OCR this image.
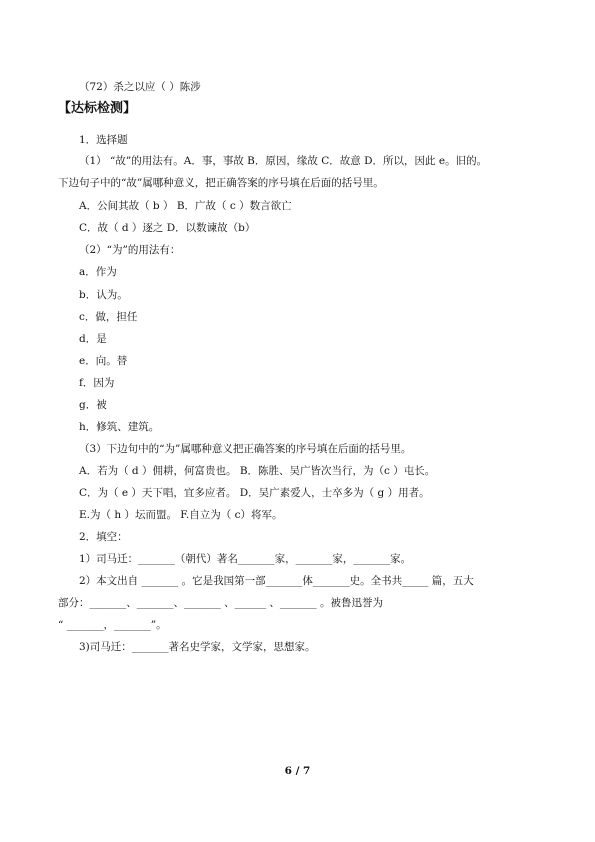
（72）杀之以应（ ）陈涉
【达标检测】
1．选择题
（1） “故”的用法有。A．事，事故 B．原因，缘故 C．故意 D．所以，因此 e。旧的。
下边句子中的“故”属哪种意义，把正确答案的序号填在后面的括号里。
A．公间其故（ b ） B．广故（ c ）数言欲亡
C．故（ d ）逐之 D．以数谏故（b）
（2）“为”的用法有：
a．作为
b．认为。
c．做，担任
d．是
e．向。替
f．因为
g．被
h．修筑、建筑。
（3）下边句中的“为”属哪种意义把正确答案的序号填在后面的括号里。
A．若为（ d ）佣耕，何富贵也。 B．陈胜、吴广皆次当行，为（c ）屯长。
C．为（ e ）天下唱，宜多应者。 D．吴广素爱人，士卒多为（ g ）用者。
E.为（ h ）坛而盟。 F.自立为（ c）将军。
2．填空：
1）司马迁：_______（朝代）著名_______家，_______家，_______家。
2）本文出自 _______ 。它是我国第一部_______体_______史。全书共_____ 篇，五大
部分：_______、_______、_______ 、______ 、_______ 。被鲁迅誉为
“ _______，_______”。
3)司马迁：_______著名史学家，文学家，思想家。
6 / 7
